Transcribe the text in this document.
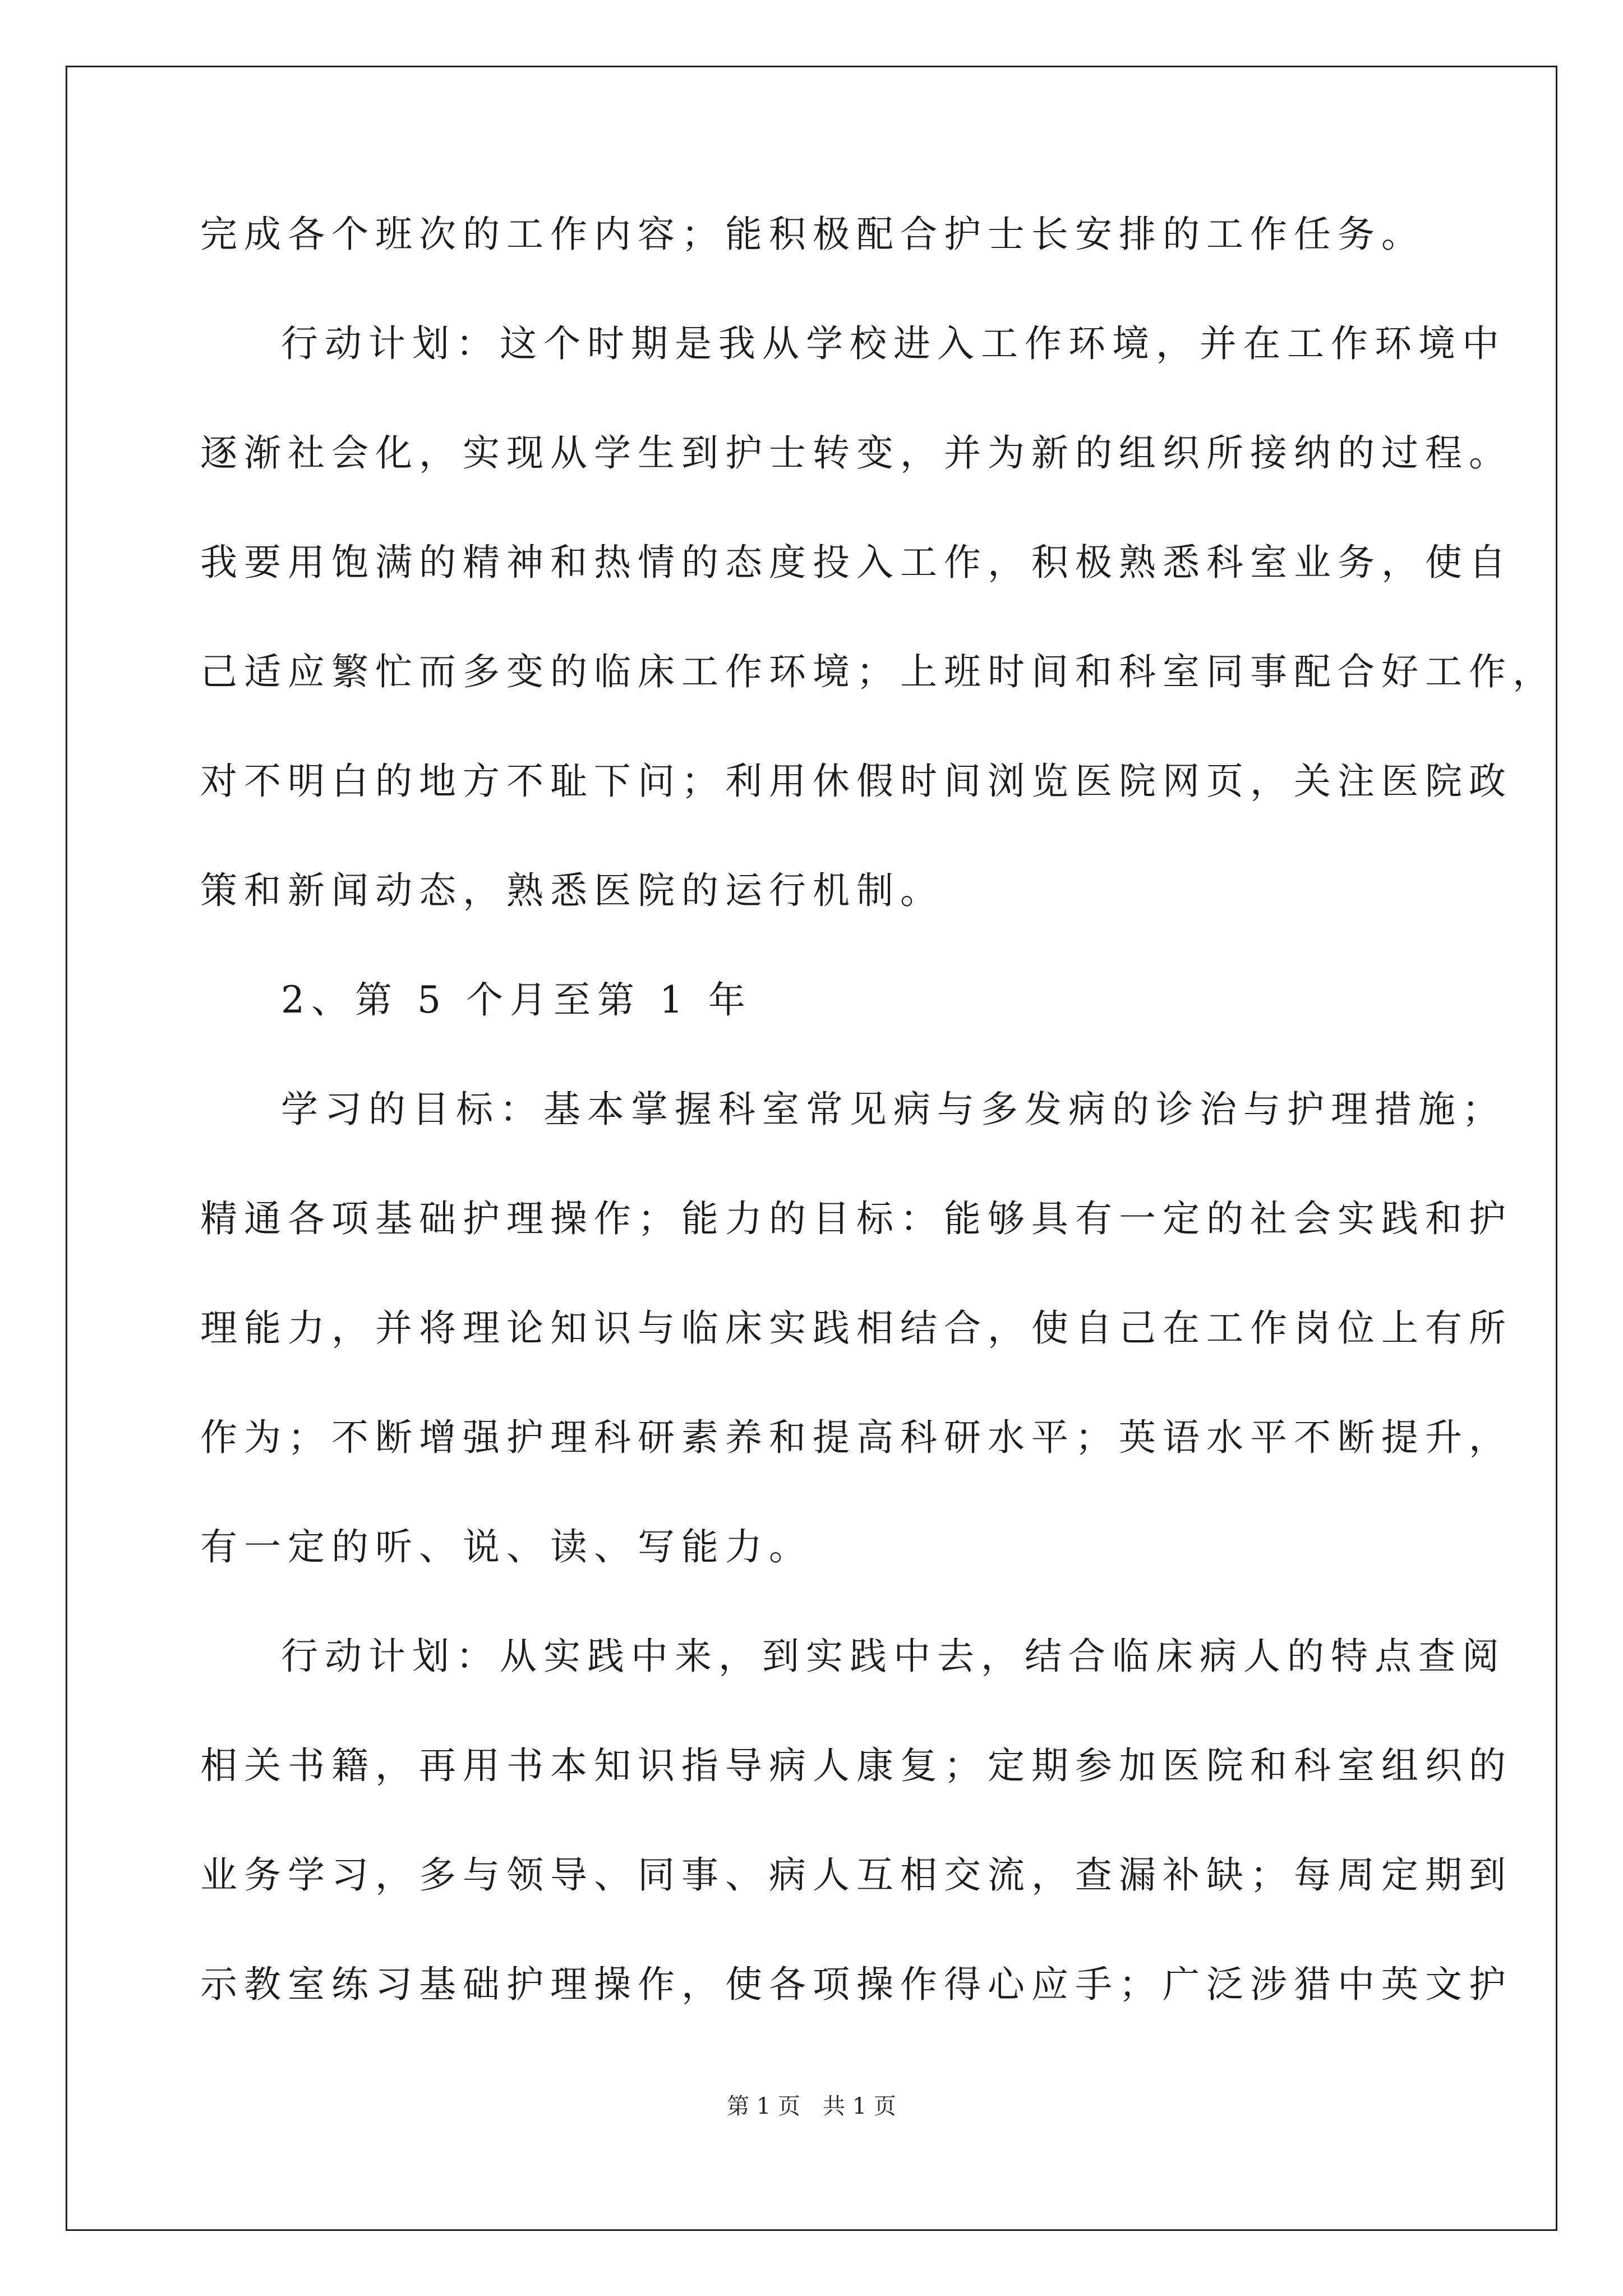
完成各个班次的工作内容；能积极配合护士长安排的工作任务。
行动计划：这个时期是我从学校进入工作环境，并在工作环境中
逐渐社会化，实现从学生到护士转变，并为新的组织所接纳的过程。
我要用饱满的精神和热情的态度投入工作，积极熟悉科室业务，使自
己适应繁忙而多变的临床工作环境；上班时间和科室同事配合好工作，
对不明白的地方不耻下问；利用休假时间浏览医院网页，关注医院政
策和新闻动态，熟悉医院的运行机制。
2、第 5 个月至第 1 年
学习的目标：基本掌握科室常见病与多发病的诊治与护理措施；
精通各项基础护理操作；能力的目标：能够具有一定的社会实践和护
理能力，并将理论知识与临床实践相结合，使自己在工作岗位上有所
作为；不断增强护理科研素养和提高科研水平；英语水平不断提升，
有一定的听、说、读、写能力。
行动计划：从实践中来，到实践中去，结合临床病人的特点查阅
相关书籍，再用书本知识指导病人康复；定期参加医院和科室组织的
业务学习，多与领导、同事、病人互相交流，查漏补缺；每周定期到
示教室练习基础护理操作，使各项操作得心应手；广泛涉猎中英文护
第 1 页　共 1 页
